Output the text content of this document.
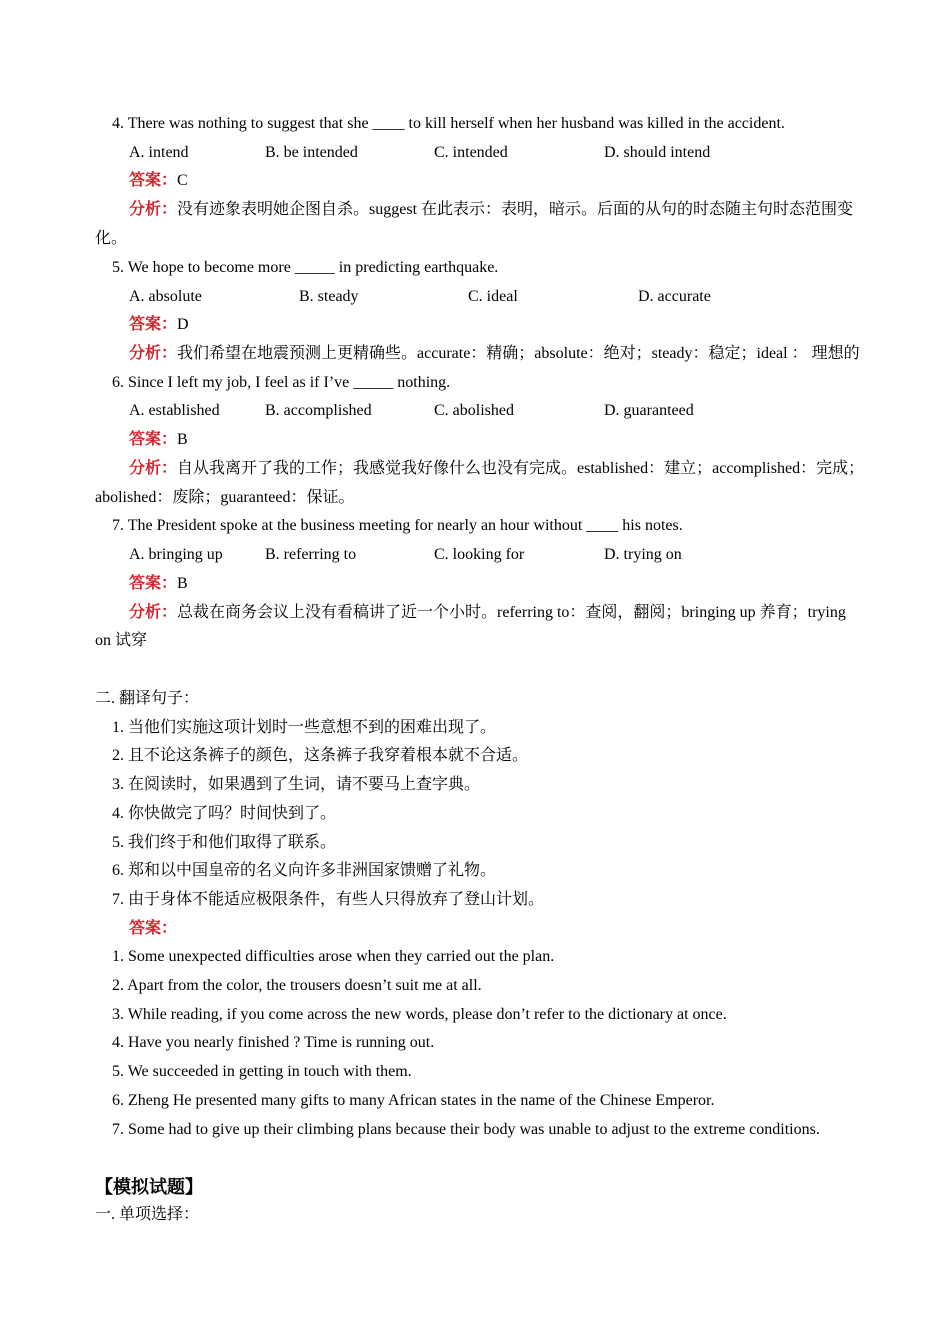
4. There was nothing to suggest that she ____ to kill herself when her husband was killed in the accident.
A. intend	B. be intended	C. intended	D. should intend
答案：C
分析：没有迹象表明她企图自杀。suggest 在此表示：表明，暗示。后面的从句的时态随主句时态范围变
化。
5. We hope to become more _____ in predicting earthquake.
A. absolute	B. steady	C. ideal	D. accurate
答案：D
分析：我们希望在地震预测上更精确些。accurate：精确；absolute：绝对；steady：稳定；ideal ： 理想的
6. Since I left my job, I feel as if I’ve _____ nothing.
A. established	B. accomplished	C. abolished	D. guaranteed
答案：B
分析：自从我离开了我的工作；我感觉我好像什么也没有完成。established：建立；accomplished：完成；
abolished：废除；guaranteed：保证。
7. The President spoke at the business meeting for nearly an hour without ____ his notes.
A. bringing up	B. referring to	C. looking for	D. trying on
答案：B
分析：总裁在商务会议上没有看稿讲了近一个小时。referring to：查阅，翻阅；bringing up 养育；trying
on 试穿
二. 翻译句子：
1. 当他们实施这项计划时一些意想不到的困难出现了。
2. 且不论这条裤子的颜色，这条裤子我穿着根本就不合适。
3. 在阅读时，如果遇到了生词，请不要马上查字典。
4. 你快做完了吗？时间快到了。
5. 我们终于和他们取得了联系。
6. 郑和以中国皇帝的名义向许多非洲国家馈赠了礼物。
7. 由于身体不能适应极限条件，有些人只得放弃了登山计划。
答案：
1. Some unexpected difficulties arose when they carried out the plan.
2. Apart from the color, the trousers doesn’t suit me at all.
3. While reading, if you come across the new words, please don’t refer to the dictionary at once.
4. Have you nearly finished ? Time is running out.
5. We succeeded in getting in touch with them.
6. Zheng He presented many gifts to many African states in the name of the Chinese Emperor.
7. Some had to give up their climbing plans because their body was unable to adjust to the extreme conditions.
【模拟试题】
一. 单项选择：
